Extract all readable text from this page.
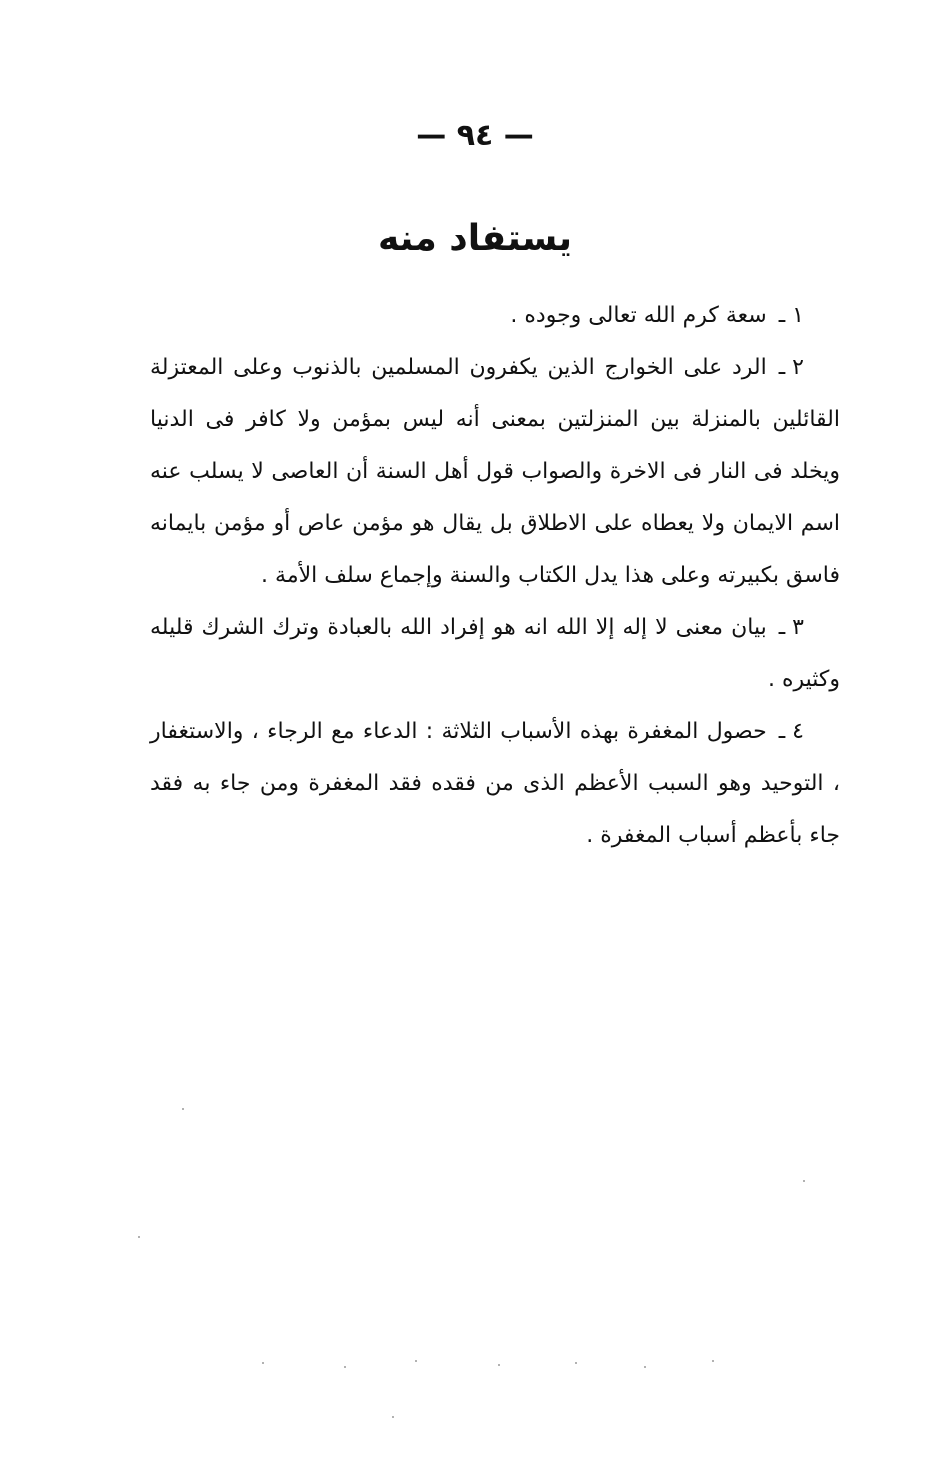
— ٩٤ —
يستفاد منه

١ ـسعة كرم الله تعالى وجوده .

٢ ـالرد على الخوارج الذين يكفرون المسلمين بالذنوب وعلى المعتزلة القائلين بالمنزلة بين المنزلتين بمعنى أنه ليس بمؤمن ولا كافر فى الدنيا ويخلد فى النار فى الاخرة والصواب قول أهل السنة أن العاصى لا يسلب عنه اسم الايمان ولا يعطاه على الاطلاق بل يقال هو مؤمن عاص أو مؤمن بايمانه فاسق بكبيرته وعلى هذا يدل الكتاب والسنة وإجماع سلف الأمة .

٣ ـبيان معنى لا إله إلا الله انه هو إفراد الله بالعبادة وترك الشرك قليله وكثيره .

٤ ـحصول المغفرة بهذه الأسباب الثلاثة : الدعاء مع الرجاء ، والاستغفار ، التوحيد وهو السبب الأعظم الذى من فقده فقد المغفرة ومن جاء به فقد جاء بأعظم أسباب المغفرة .
